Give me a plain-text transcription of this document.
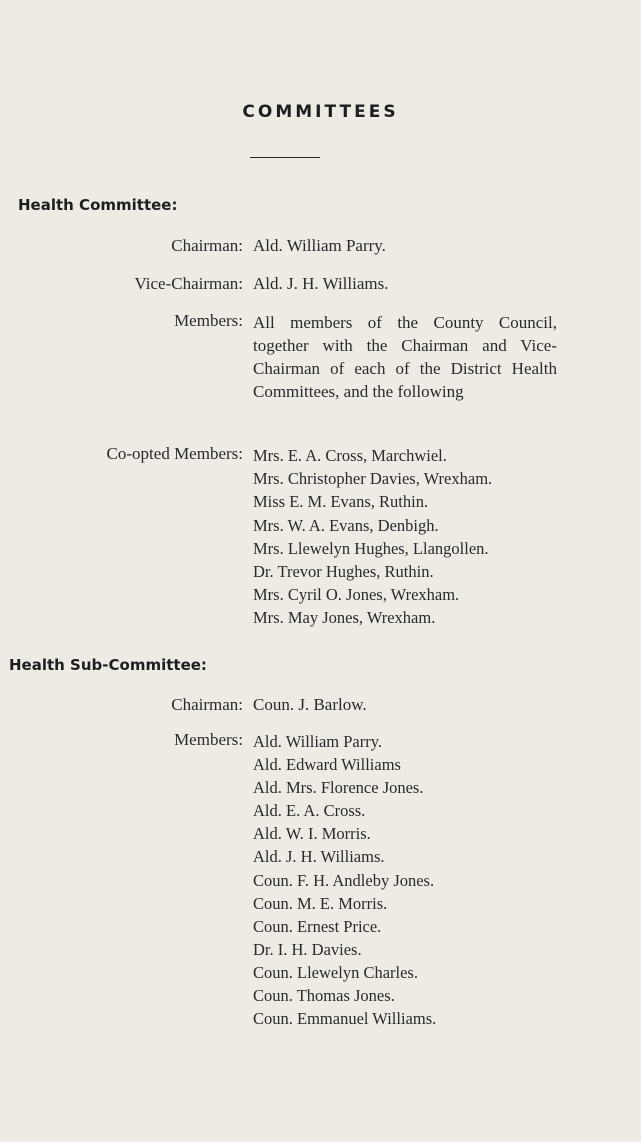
COMMITTEES
Health Committee:
Chairman: Ald. William Parry.
Vice-Chairman: Ald. J. H. Williams.
Members: All members of the County Council, together with the Chairman and Vice-Chairman of each of the District Health Committees, and the following
Co-opted Members: Mrs. E. A. Cross, Marchwiel.
Mrs. Christopher Davies, Wrexham.
Miss E. M. Evans, Ruthin.
Mrs. W. A. Evans, Denbigh.
Mrs. Llewelyn Hughes, Llangollen.
Dr. Trevor Hughes, Ruthin.
Mrs. Cyril O. Jones, Wrexham.
Mrs. May Jones, Wrexham.
Health Sub-Committee:
Chairman: Coun. J. Barlow.
Members: Ald. William Parry.
Ald. Edward Williams
Ald. Mrs. Florence Jones.
Ald. E. A. Cross.
Ald. W. I. Morris.
Ald. J. H. Williams.
Coun. F. H. Andleby Jones.
Coun. M. E. Morris.
Coun. Ernest Price.
Dr. I. H. Davies.
Coun. Llewelyn Charles.
Coun. Thomas Jones.
Coun. Emmanuel Williams.
